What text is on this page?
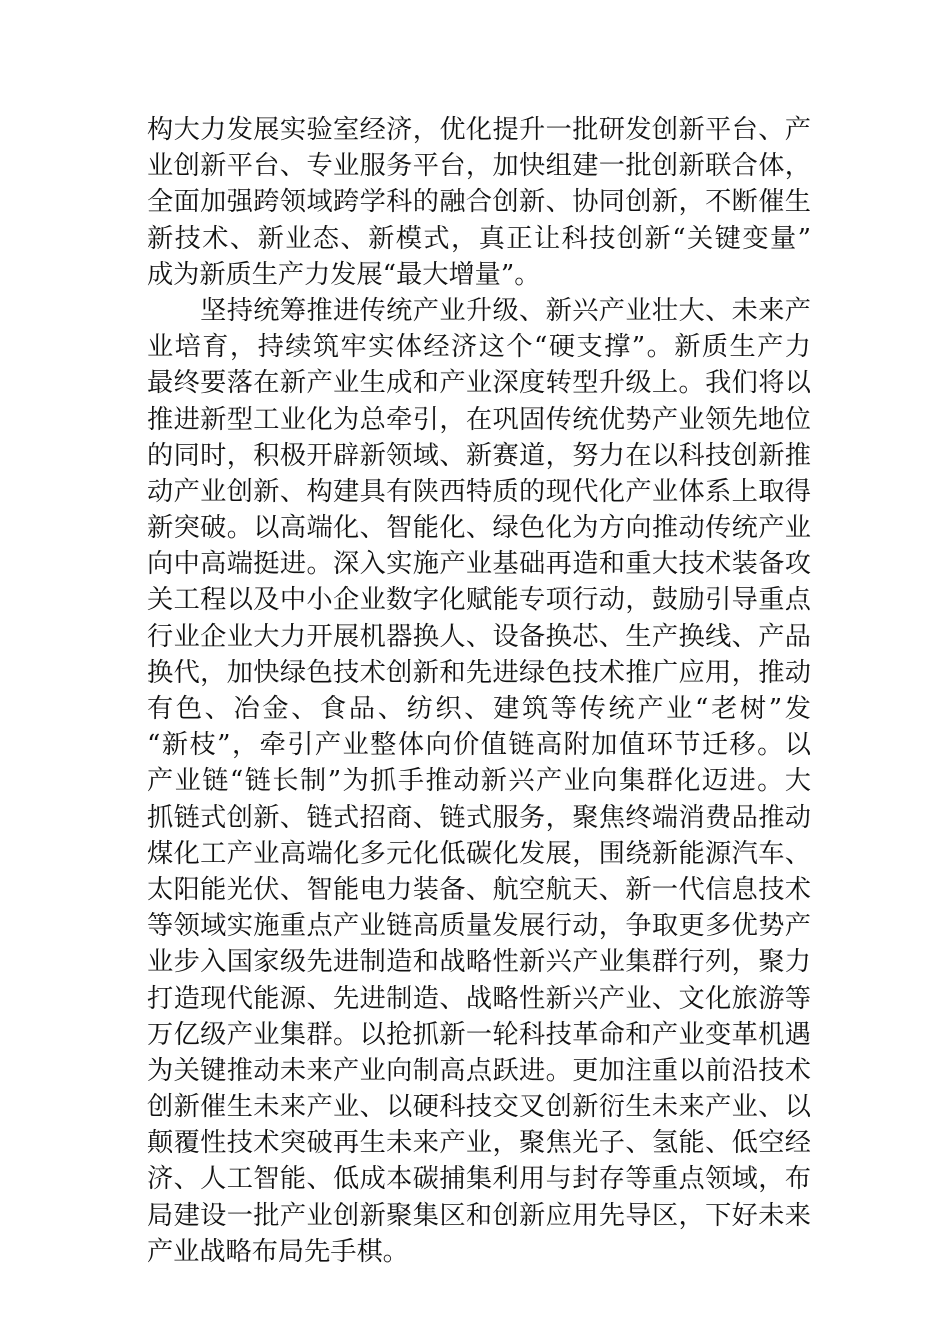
构大力发展实验室经济，优化提升一批研发创新平台、产
业创新平台、专业服务平台，加快组建一批创新联合体，
全面加强跨领域跨学科的融合创新、协同创新，不断催生
新技术、新业态、新模式，真正让科技创新“关键变量”
成为新质生产力发展“最大增量”。
　　坚持统筹推进传统产业升级、新兴产业壮大、未来产
业培育，持续筑牢实体经济这个“硬支撑”。新质生产力
最终要落在新产业生成和产业深度转型升级上。我们将以
推进新型工业化为总牵引，在巩固传统优势产业领先地位
的同时，积极开辟新领域、新赛道，努力在以科技创新推
动产业创新、构建具有陕西特质的现代化产业体系上取得
新突破。以高端化、智能化、绿色化为方向推动传统产业
向中高端挺进。深入实施产业基础再造和重大技术装备攻
关工程以及中小企业数字化赋能专项行动，鼓励引导重点
行业企业大力开展机器换人、设备换芯、生产换线、产品
换代，加快绿色技术创新和先进绿色技术推广应用，推动
有色、冶金、食品、纺织、建筑等传统产业“老树”发
“新枝”，牵引产业整体向价值链高附加值环节迁移。以
产业链“链长制”为抓手推动新兴产业向集群化迈进。大
抓链式创新、链式招商、链式服务，聚焦终端消费品推动
煤化工产业高端化多元化低碳化发展，围绕新能源汽车、
太阳能光伏、智能电力装备、航空航天、新一代信息技术
等领域实施重点产业链高质量发展行动，争取更多优势产
业步入国家级先进制造和战略性新兴产业集群行列，聚力
打造现代能源、先进制造、战略性新兴产业、文化旅游等
万亿级产业集群。以抢抓新一轮科技革命和产业变革机遇
为关键推动未来产业向制高点跃进。更加注重以前沿技术
创新催生未来产业、以硬科技交叉创新衍生未来产业、以
颠覆性技术突破再生未来产业，聚焦光子、氢能、低空经
济、人工智能、低成本碳捕集利用与封存等重点领域，布
局建设一批产业创新聚集区和创新应用先导区，下好未来
产业战略布局先手棋。
